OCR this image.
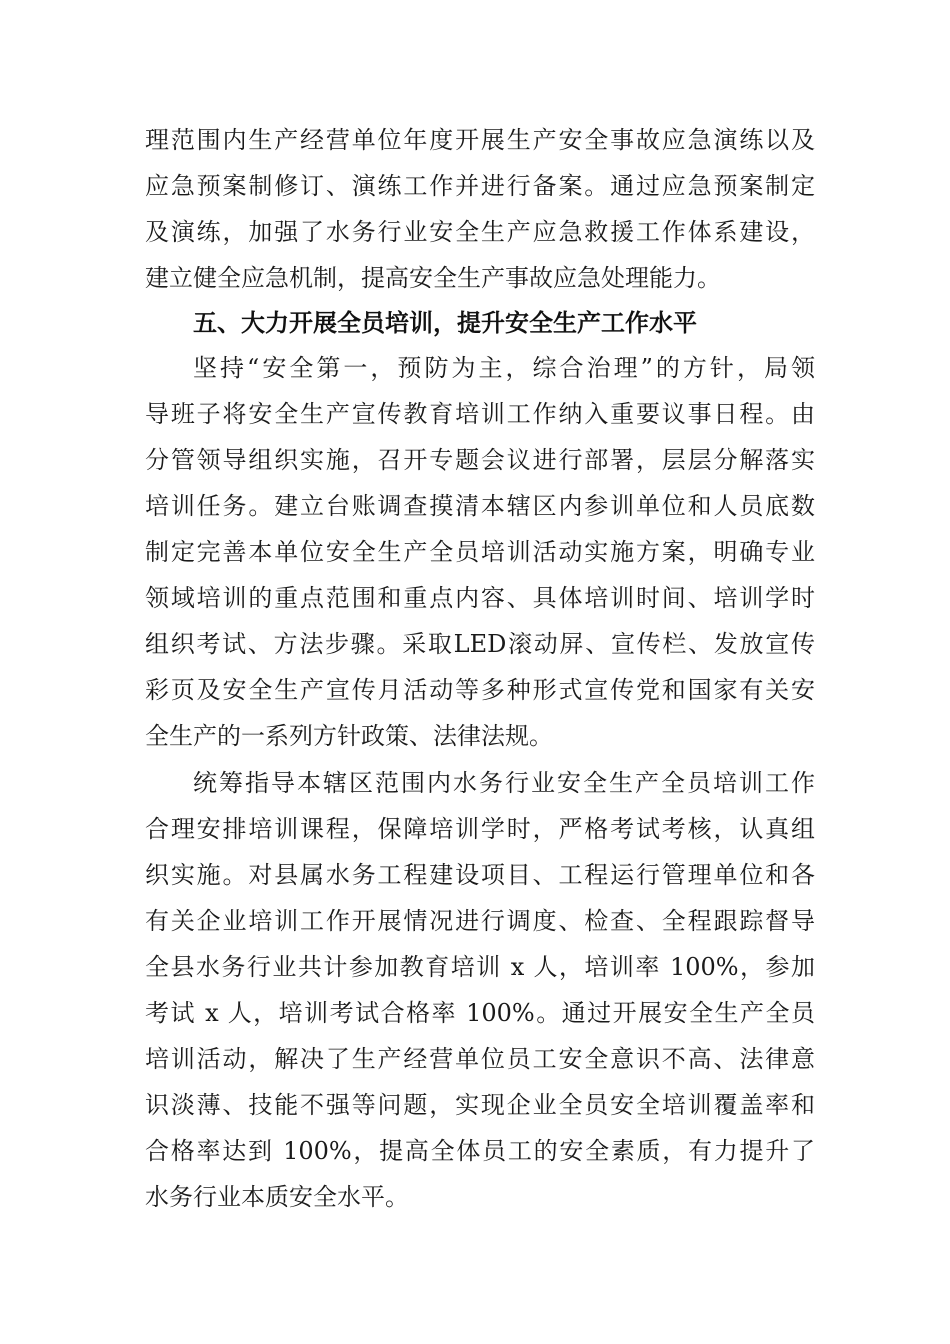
理范围内生产经营单位年度开展生产安全事故应急演练以及
应急预案制修订、演练工作并进行备案。通过应急预案制定
及演练，加强了水务行业安全生产应急救援工作体系建设，
建立健全应急机制，提高安全生产事故应急处理能力。
五、大力开展全员培训，提升安全生产工作水平
坚持“安全第一，预防为主，综合治理”的方针，局领
导班子将安全生产宣传教育培训工作纳入重要议事日程。由
分管领导组织实施，召开专题会议进行部署，层层分解落实
培训任务。建立台账调查摸清本辖区内参训单位和人员底数
制定完善本单位安全生产全员培训活动实施方案，明确专业
领域培训的重点范围和重点内容、具体培训时间、培训学时
组织考试、方法步骤。采取LED滚动屏、宣传栏、发放宣传
彩页及安全生产宣传月活动等多种形式宣传党和国家有关安
全生产的一系列方针政策、法律法规。
统筹指导本辖区范围内水务行业安全生产全员培训工作
合理安排培训课程，保障培训学时，严格考试考核，认真组
织实施。对县属水务工程建设项目、工程运行管理单位和各
有关企业培训工作开展情况进行调度、检查、全程跟踪督导
全县水务行业共计参加教育培训 x 人，培训率 100%，参加
考试 x 人，培训考试合格率 100%。通过开展安全生产全员
培训活动，解决了生产经营单位员工安全意识不高、法律意
识淡薄、技能不强等问题，实现企业全员安全培训覆盖率和
合格率达到 100%，提高全体员工的安全素质，有力提升了
水务行业本质安全水平。
